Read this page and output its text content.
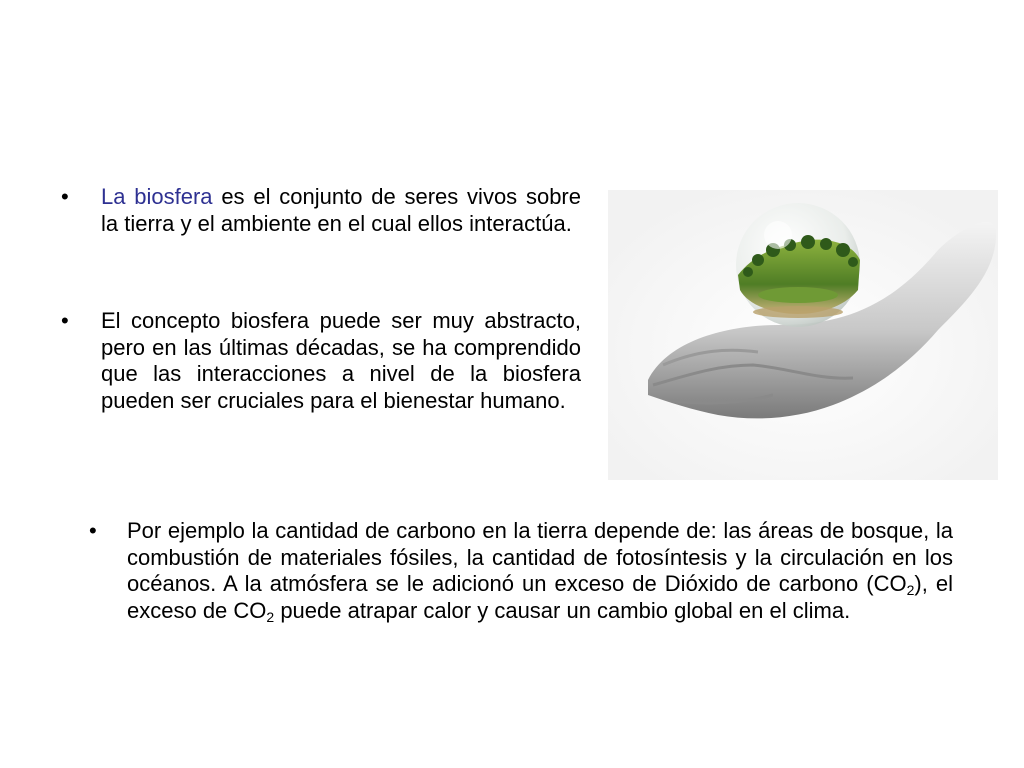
• La biosfera es el conjunto de seres vivos sobre la tierra y el ambiente en el cual ellos interactúa.
• El concepto biosfera puede ser muy abstracto, pero en las últimas décadas, se ha comprendido que las interacciones a nivel de la biosfera pueden ser cruciales para el bienestar humano.
• Por ejemplo la cantidad de carbono en la tierra depende de: las áreas de bosque, la combustión de materiales fósiles, la cantidad de fotosíntesis y la circulación en los océanos. A la atmósfera se le adicionó un exceso de Dióxido de carbono $(CO_2)$, el exceso de $CO_2$ puede atrapar calor y causar un cambio global en el clima.
